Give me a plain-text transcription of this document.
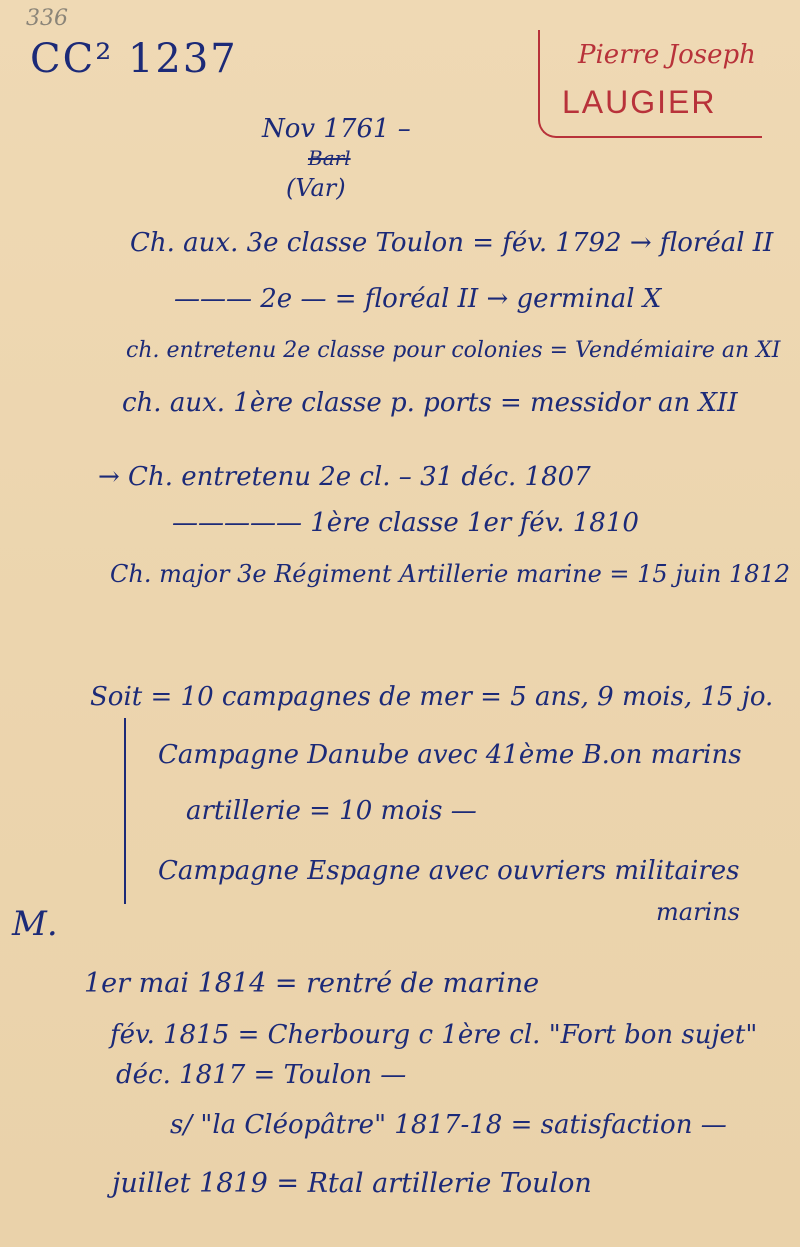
336
CC² 1237	Pierre Joseph
LAUGIER
Nov 1761 –
Barl
(Var)
Ch. aux. 3e classe Toulon = fév. 1792 → floréal II
——— 2e — = floréal II → germinal X
ch. entretenu 2e classe pour colonies = Vendémiaire an XI
ch. aux. 1ère classe p. ports = messidor an XII
→ Ch. entretenu 2e cl. – 31 déc. 1807
————— 1ère classe 1er fév. 1810
Ch. major 3e Régiment Artillerie marine = 15 juin 1812
Soit = 10 campagnes de mer = 5 ans, 9 mois, 15 jo.
Campagne Danube avec 41ème B.on marins
artillerie = 10 mois —
Campagne Espagne avec ouvriers militaires
marins
M.
1er mai 1814 = rentré de marine
fév. 1815 = Cherbourg c 1ère cl. "Fort bon sujet"
déc. 1817 = Toulon —
s/ "la Cléopâtre" 1817-18 = satisfaction —
juillet 1819 = Rtal artillerie Toulon
